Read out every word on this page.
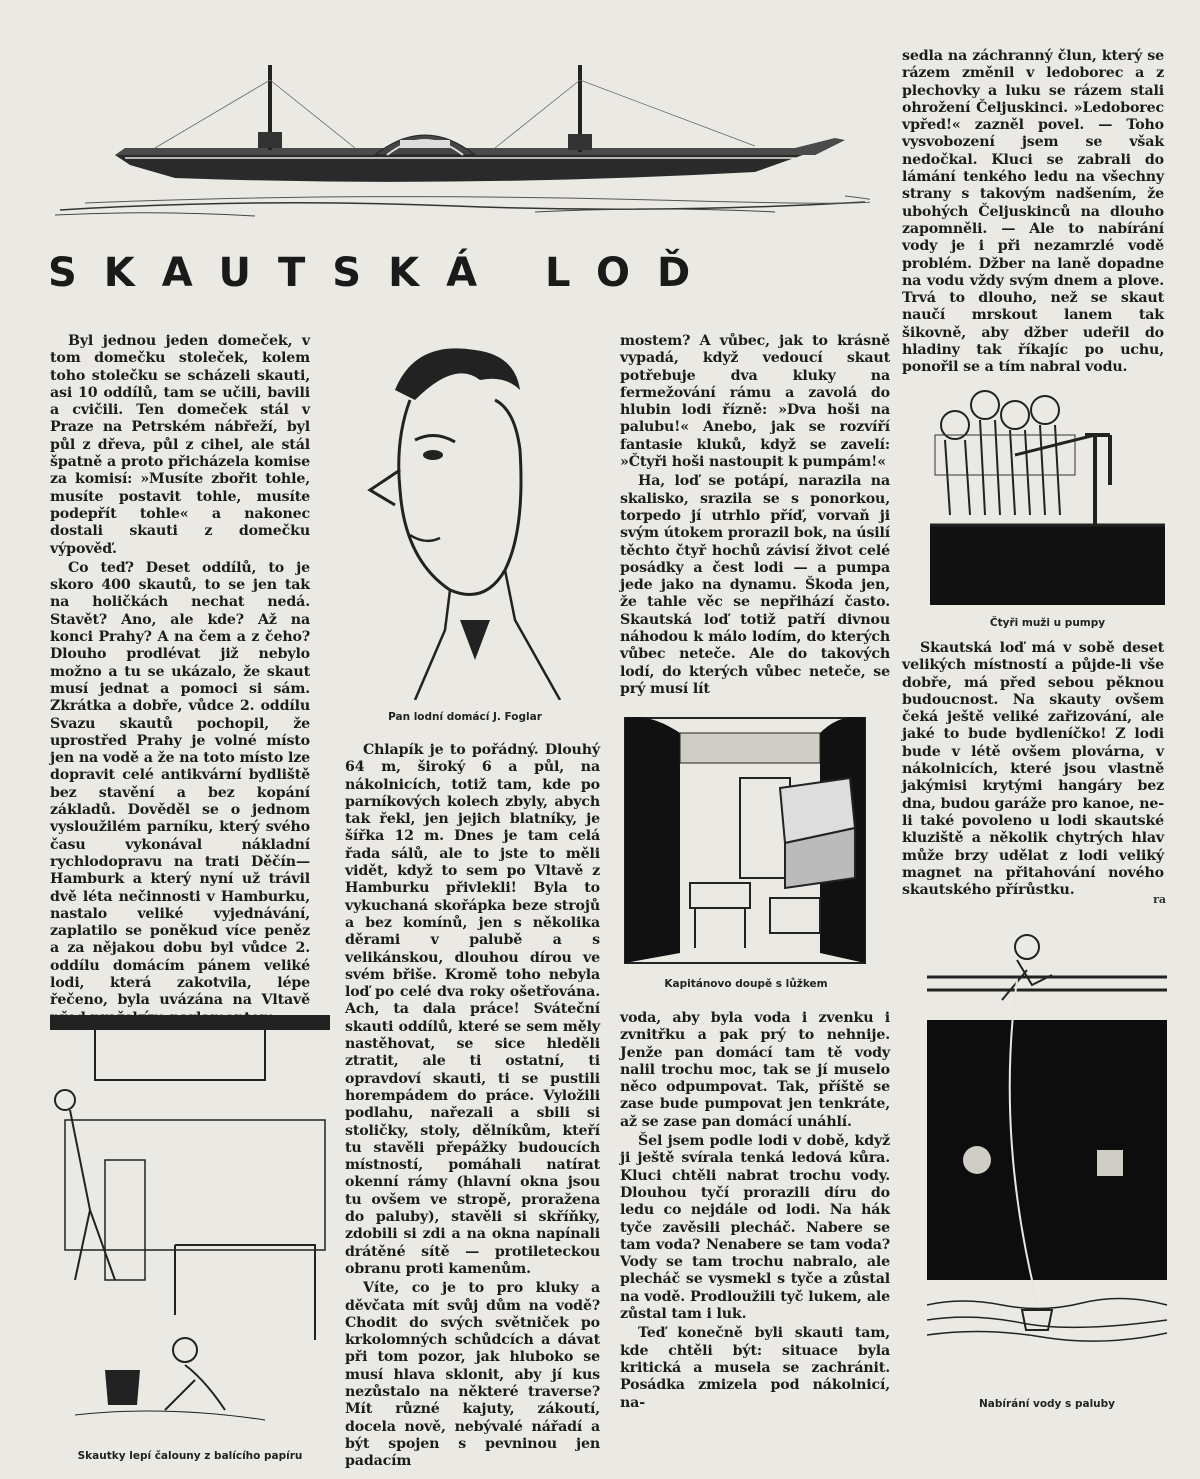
SKAUTSKÁ LOĎ

Byl jednou jeden domeček, v tom domečku stoleček, kolem toho stolečku se scházeli skauti, asi 10 oddílů, tam se učili, bavili a cvičili. Ten domeček stál v Praze na Petrském nábřeží, byl půl z dřeva, půl z cihel, ale stál špatně a proto přicházela komise za komisí: »Musíte zbořit tohle, musíte postavit tohle, musíte podepřít tohle« a nakonec dostali skauti z domečku výpověď.

Co teď? Deset oddílů, to je skoro 400 skautů, to se jen tak na holičkách nechat nedá. Stavět? Ano, ale kde? Až na konci Prahy? A na čem a z čeho? Dlouho prodlévat již nebylo možno a tu se ukázalo, že skaut musí jednat a pomoci si sám. Zkrátka a dobře, vůdce 2. oddílu Svazu skautů pochopil, že uprostřed Prahy je volné místo jen na vodě a že na toto místo lze dopravit celé antikvární bydliště bez stavění a bez kopání základů. Dověděl se o jednom vysloužilém parníku, který svého času vykonával nákladní rychlodopravu na trati Děčín—Hamburk a který nyní už trávil dvě léta nečinnosti v Hamburku, nastalo veliké vyjednávání, zaplatilo se poněkud více peněz a za nějakou dobu byl vůdce 2. oddílu domácím pánem veliké lodi, která zakotvila, lépe řečeno, byla uvázána na Vltavě

Pan lodní domácí J. Foglar

Chlapík je to pořádný. Dlouhý 64 m, široký 6 a půl, na nákolnicích, totiž tam, kde po parníkových kolech zbyly, abych tak řekl, jen jejich blatníky, je šířka 12 m. Dnes je tam celá řada sálů, ale to jste to měli vidět, když to sem po Vltavě z Hamburku přivlekli! Byla to vykuchaná skořápka beze strojů a bez komínů, jen s několika děrami v palubě a s velikánskou, dlouhou dírou ve svém břiše. Kromě toho nebyla loď po celé dva roky ošetřována. Ach, ta dala práce! Sváteční skauti oddílů, které se sem měly nastěhovat, se sice hleděli ztratit, ale ti ostatní, ti opravdoví skauti, ti se pustili horempádem do práce. Vyložili podlahu, nařezali a sbili si stoličky, stoly, dělníkům, kteří tu stavěli přepážky budoucích místností, pomáhali natírat okenní rámy (hlavní okna jsou tu ovšem ve stropě, proražena do paluby), stavěli si skříňky, zdobili si zdi a na okna napínali drátěné sítě — protileteckou obranu proti kamenům.

Víte, co je to pro kluky a děvčata mít svůj dům na vodě? Chodit do svých světniček po krkolomných schůdcích a dávat při tom pozor, jak hluboko se musí hlava sklonit, aby jí kus nezůstalo na některé traverse? Mít různé kajuty, zákoutí, docela nově, nebývalé nářadí a být spojen s pevninou jen padacím

mostem? A vůbec, jak to krásně vypadá, když vedoucí skaut potřebuje dva kluky na fermežování rámu a zavolá do hlubin lodi řízně: »Dva hoši na palubu!« Anebo, jak se rozvíří fantasie kluků, když se zavelí: »Čtyři hoši nastoupit k pumpám!«

Ha, loď se potápí, narazila na skalisko, srazila se s ponorkou, torpedo jí utrhlo příď, vorvaň ji svým útokem prorazil bok, na úsilí těchto čtyř hochů závisí život celé posádky a čest lodi — a pumpa jede jako na dynamu. Škoda jen, že tahle věc se nepřihází často. Skautská loď totiž patří divnou náhodou k málo lodím, do kterých vůbec neteče. Ale do takových lodí, do kterých vůbec neteče, se prý musí lít

Kapitánovo doupě s lůžkem

voda, aby byla voda i zvenku i zvnitřku a pak prý to nehnije. Jenže pan domácí tam tě vody nalil trochu moc, tak se jí muselo něco odpumpovat. Tak, příště se zase bude pumpovat jen tenkráte, až se zase pan domácí unáhlí.

Šel jsem podle lodi v době, když ji ještě svírala tenká ledová kůra. Kluci chtěli nabrat trochu vody. Dlouhou tyčí prorazili díru do ledu co nejdále od lodi. Na hák tyče zavěsili plecháč. Nabere se tam voda? Nenabere se tam voda? Vody se tam trochu nabralo, ale plecháč se vysmekl s tyče a zůstal na vodě. Prodloužili tyč lukem, ale zůstal tam i luk.

Teď konečně byli skauti tam, kde chtěli být: situace byla kritická a musela se zachránit. Posádka zmizela pod nákolnicí, na-

sedla na záchranný člun, který se rázem změnil v ledoborec a z plechovky a luku se rázem stali ohrožení Čeljuskinci. »Ledoborec vpřed!« zazněl povel. — Toho vysvobození jsem se však nedočkal. Kluci se zabrali do lámání tenkého ledu na všechny strany s takovým nadšením, že ubohých Čeljuskinců na dlouho zapomněli. — Ale to nabírání vody je i při nezamrzlé vodě problém. Džber na laně dopadne na vodu vždy svým dnem a plove. Trvá to dlouho, než se skaut naučí mrskout lanem tak šikovně, aby džber udeřil do hladiny tak říkajíc po uchu, ponořil se a tím nabral vodu.

Čtyři muži u pumpy

Skautská loď má v sobě deset velikých místností a půjde-li vše dobře, má před sebou pěknou budoucnost. Na skauty ovšem čeká ještě veliké zařizování, ale jaké to bude bydleníčko! Z lodi bude v létě ovšem plovárna, v nákolnicích, které jsou vlastně jakýmisi krytými hangáry bez dna, budou garáže pro kanoe, ne-li také povoleno u lodi skautské kluziště a několik chytrých hlav může brzy udělat z lodi veliký magnet na přitahování nového skautského přírůstku.

ra
Nabírání vody s paluby
Skautky lepí čalouny z balícího papíru
